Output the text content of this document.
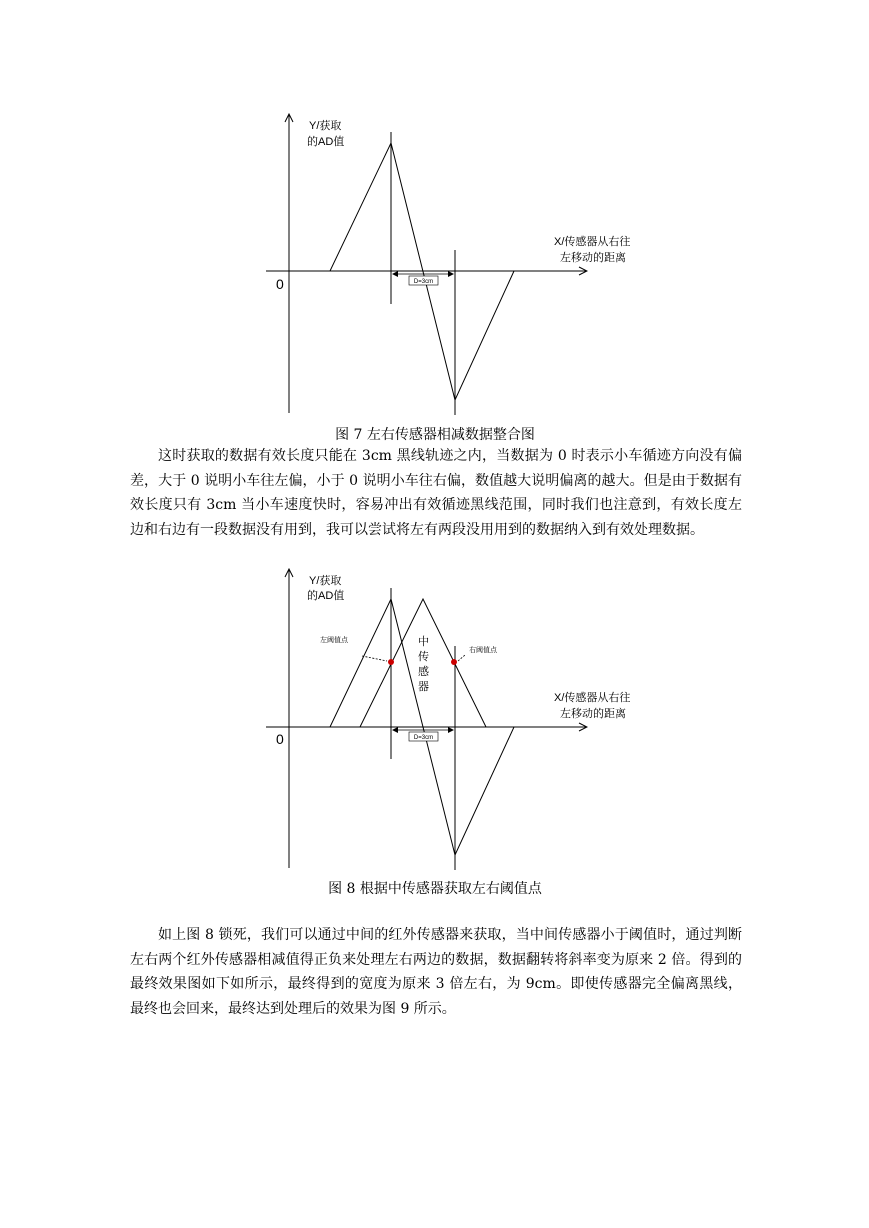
D=3cm
Y/获取
的AD值
X/传感器从右往
左移动的距离
0
左阈值点
右阈值点
中
传
感
器
D=3cm
Y/获取
的AD值
X/传感器从右往
左移动的距离
0
图 7 左右传感器相减数据整合图

这时获取的数据有效长度只能在 3cm 黑线轨迹之内，当数据为 0 时表示小车循迹方向没有偏差，大于 0 说明小车往左偏，小于 0 说明小车往右偏，数值越大说明偏离的越大。但是由于数据有效长度只有 3cm 当小车速度快时，容易冲出有效循迹黑线范围，同时我们也注意到，有效长度左边和右边有一段数据没有用到，我可以尝试将左有两段没用用到的数据纳入到有效处理数据。

图 8 根据中传感器获取左右阈值点

如上图 8 锁死，我们可以通过中间的红外传感器来获取，当中间传感器小于阈值时，通过判断左右两个红外传感器相减值得正负来处理左右两边的数据，数据翻转将斜率变为原来 2 倍。得到的最终效果图如下如所示，最终得到的宽度为原来 3 倍左右，为 9cm。即使传感器完全偏离黑线，最终也会回来，最终达到处理后的效果为图 9 所示。
